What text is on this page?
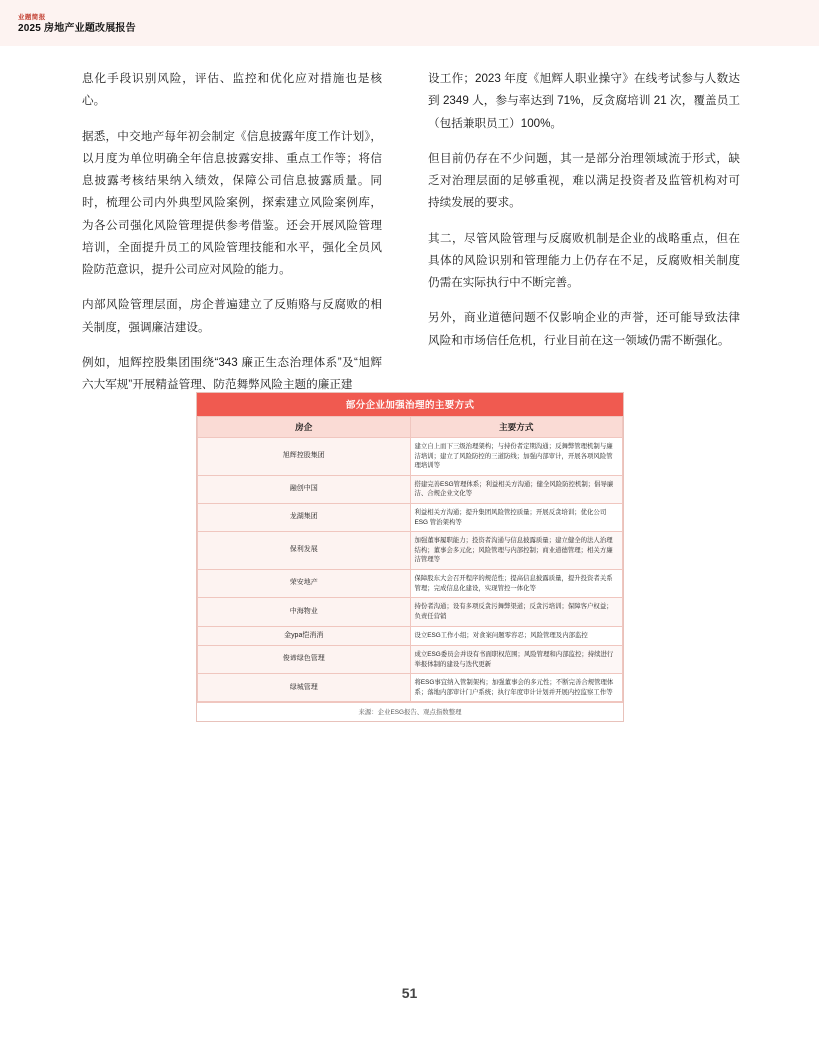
业题简报
2025 房地产业题改展报告

息化手段识别风险，评估、监控和优化应对措施也是核心。

据悉，中交地产每年初会制定《信息披露年度工作计划》，以月度为单位明确全年信息披露安排、重点工作等；将信息披露考核结果纳入绩效，保障公司信息披露质量。同时，梳理公司内外典型风险案例，探索建立风险案例库，为各公司强化风险管理提供参考借鉴。还会开展风险管理培训，全面提升员工的风险管理技能和水平，强化全员风险防范意识，提升公司应对风险的能力。

内部风险管理层面，房企普遍建立了反贿赂与反腐败的相关制度，强调廉洁建设。

例如，旭辉控股集团围绕“343 廉正生态治理体系”及“旭辉六大军规”开展精益管理、防范舞弊风险主题的廉正建

设工作；2023 年度《旭辉人职业操守》在线考试参与人数达到 2349 人，参与率达到 71%，反贪腐培训 21 次，覆盖员工（包括兼职员工）100%。

但目前仍存在不少问题，其一是部分治理领域流于形式，缺乏对治理层面的足够重视，难以满足投资者及监管机构对可持续发展的要求。

其二，尽管风险管理与反腐败机制是企业的战略重点，但在具体的风险识别和管理能力上仍存在不足，反腐败相关制度仍需在实际执行中不断完善。

另外，商业道德问题不仅影响企业的声誉，还可能导致法律风险和市场信任危机，行业目前在这一领域仍需不断强化。

部分企业加强治理的主要方式
房企	主要方式
旭辉控股集团	建立自上而下三级治理架构；与持份者定期沟通；反舞弊管理机制与廉洁培训；建立了风险防控的三道防线；加强内部审计，开展各项风险管理培训等
融创中国	搭建完善ESG管理体系；利益相关方沟通；健全风险防控机制；倡导廉洁、合规企业文化等
龙湖集团	利益相关方沟通；提升集团风险管控质量；开展反贪培训；优化公司 ESG 管治架构等
保利发展	加强董事履职能力；投资者沟通与信息披露质量；建立健全的法人治理结构；董事会多元化；风险管理与内部控制；商业道德管理；相关方廉洁管理等
荣安地产	保障股东大会召开程序的规范性；提高信息披露质量，提升投资者关系管理；完成信息化建设，实现管控一体化等
中海物业	持份者沟通；设有多项反贪污舞弊渠道；反贪污培训；保障客户权益；负责任营销
金ура恺消消	设立ESG工作小组；对食案问题零容忍；风险管理及内部监控
俊谛绿色管理	成立ESG委员会并设有书面职权范围；风险管理和内部监控；持续进行举报体制的建设与迭代更新
绿城管理	将ESG事宜纳入管制架构；加强董事会的多元性；不断完善合规管理体系；落地内部审计门户系统；执行年度审计计划并开展内控监察工作等
来源：企业ESG报告、观点指数整理
51
